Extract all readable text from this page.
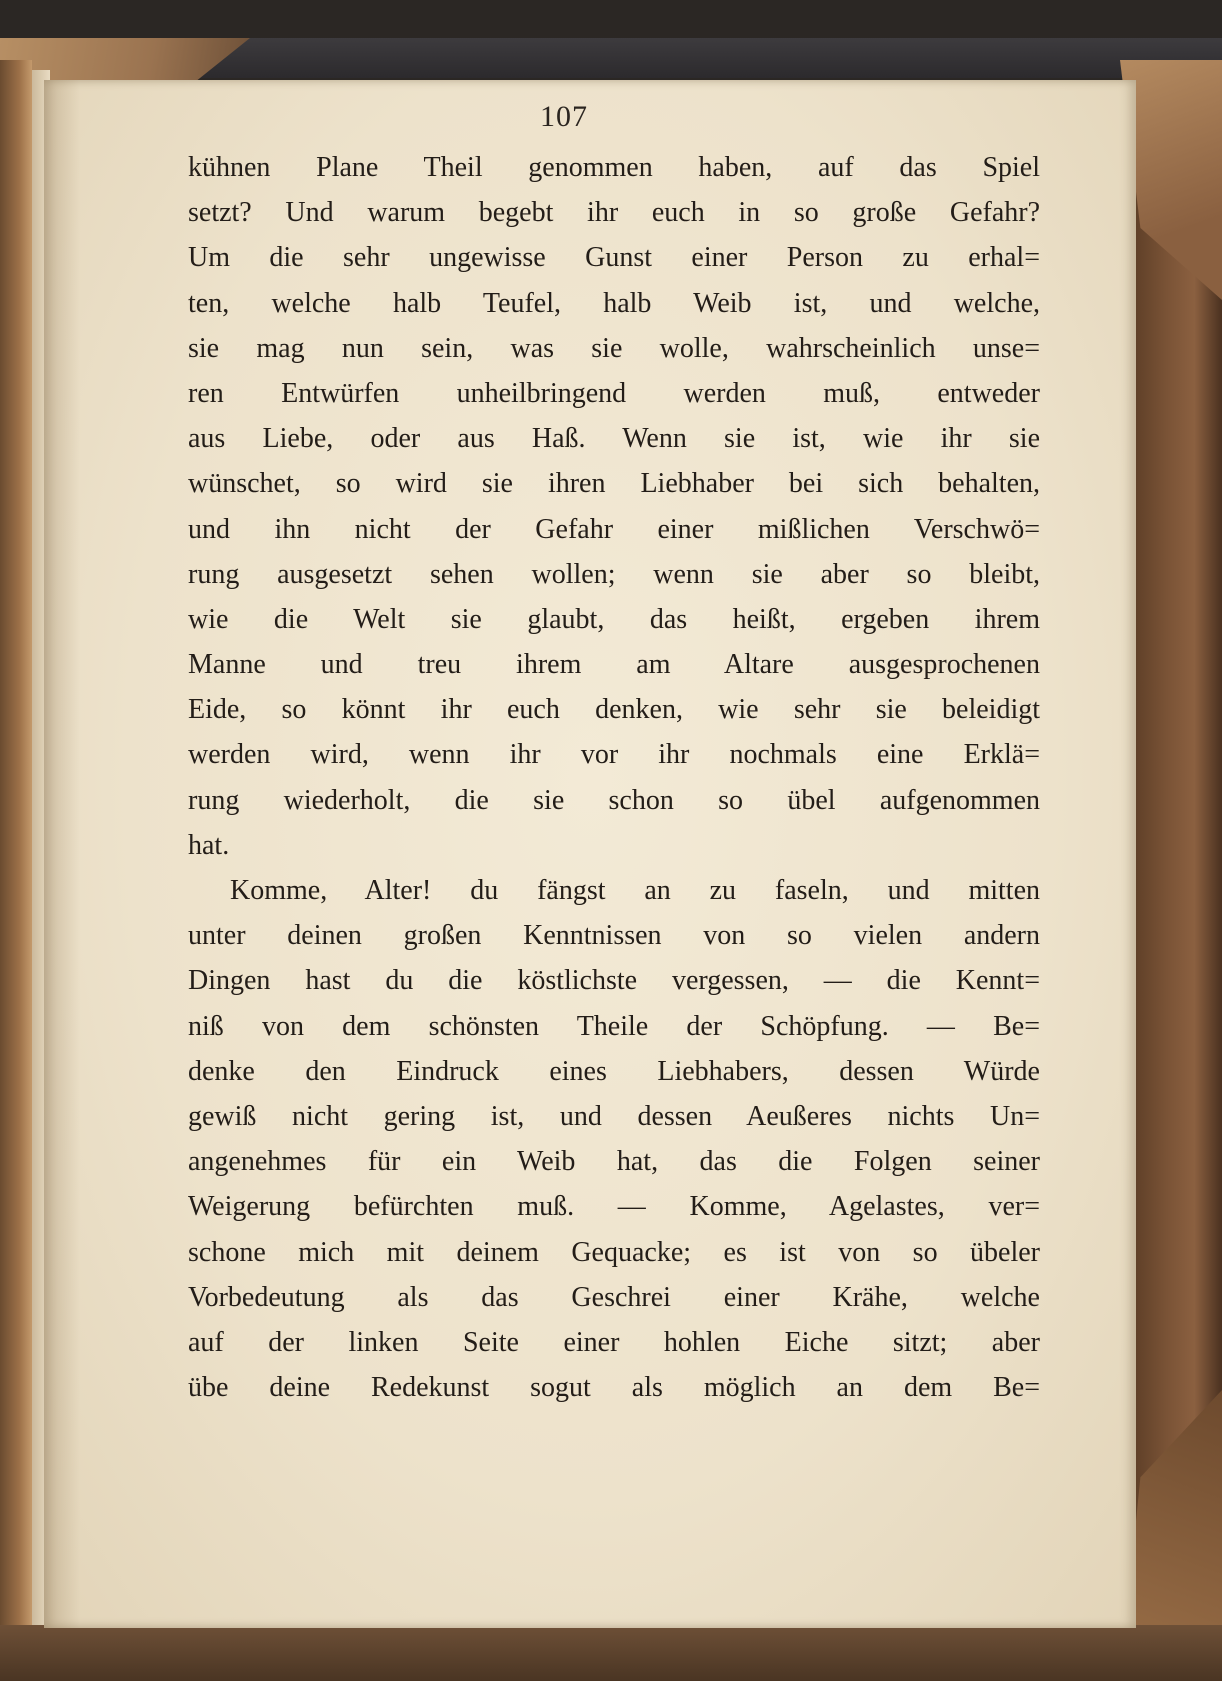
107
kühnen Plane Theil genommen haben, auf das Spiel
setzt? Und warum begebt ihr euch in so große Gefahr?
Um die sehr ungewisse Gunst einer Person zu erhal=
ten, welche halb Teufel, halb Weib ist, und welche,
sie mag nun sein, was sie wolle, wahrscheinlich unse=
ren Entwürfen unheilbringend werden muß, entweder
aus Liebe, oder aus Haß. Wenn sie ist, wie ihr sie
wünschet, so wird sie ihren Liebhaber bei sich behalten,
und ihn nicht der Gefahr einer mißlichen Verschwö=
rung ausgesetzt sehen wollen; wenn sie aber so bleibt,
wie die Welt sie glaubt, das heißt, ergeben ihrem
Manne und treu ihrem am Altare ausgesprochenen
Eide, so könnt ihr euch denken, wie sehr sie beleidigt
werden wird, wenn ihr vor ihr nochmals eine Erklä=
rung wiederholt, die sie schon so übel aufgenommen
hat.
Komme, Alter! du fängst an zu faseln, und mitten
unter deinen großen Kenntnissen von so vielen andern
Dingen hast du die köstlichste vergessen, — die Kennt=
niß von dem schönsten Theile der Schöpfung. — Be=
denke den Eindruck eines Liebhabers, dessen Würde
gewiß nicht gering ist, und dessen Aeußeres nichts Un=
angenehmes für ein Weib hat, das die Folgen seiner
Weigerung befürchten muß. — Komme, Agelastes, ver=
schone mich mit deinem Gequacke; es ist von so übeler
Vorbedeutung als das Geschrei einer Krähe, welche
auf der linken Seite einer hohlen Eiche sitzt; aber
übe deine Redekunst sogut als möglich an dem Be=
